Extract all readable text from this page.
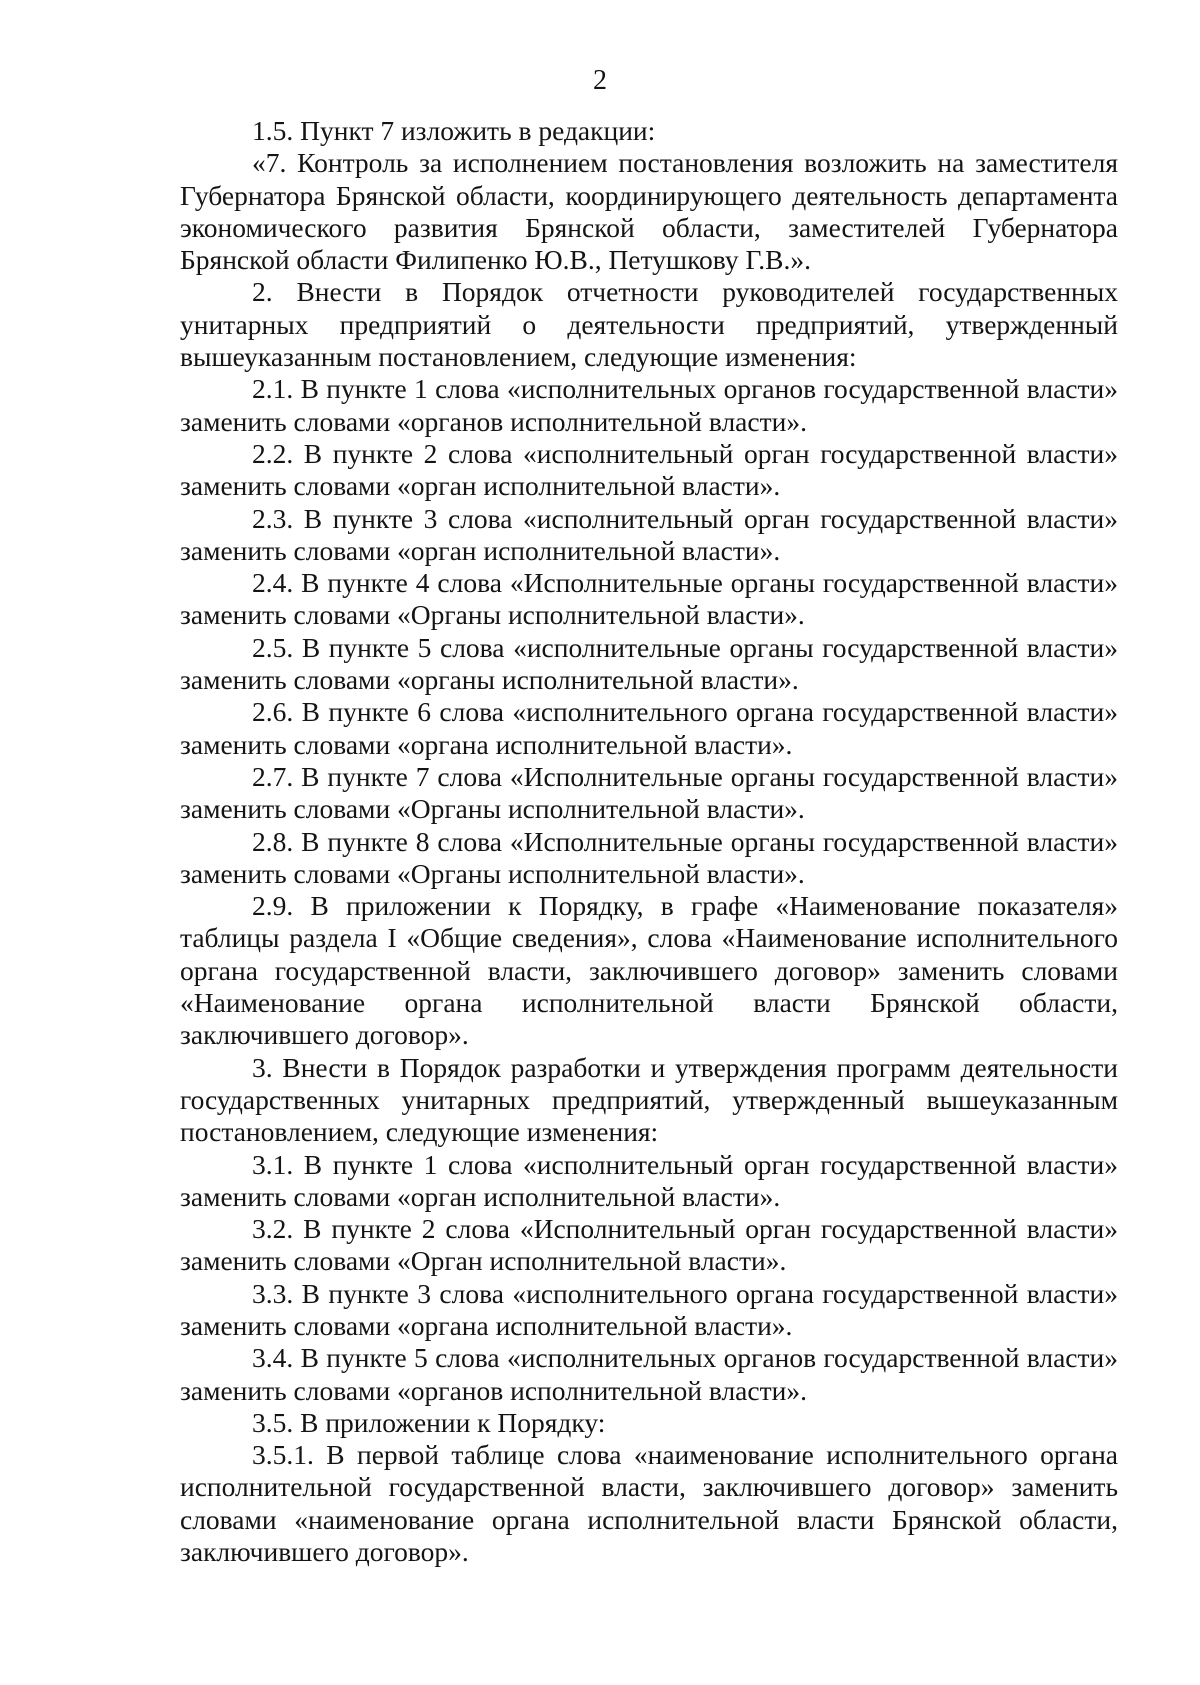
2

1.5. Пункт 7 изложить в редакции:

«7. Контроль за исполнением постановления возложить на заместителя Губернатора Брянской области, координирующего деятельность департамента экономического развития Брянской области, заместителей Губернатора Брянской области Филипенко Ю.В., Петушкову Г.В.».

2. Внести в Порядок отчетности руководителей государственных унитарных предприятий о деятельности предприятий, утвержденный вышеуказанным постановлением, следующие изменения:

2.1. В пункте 1 слова «исполнительных органов государственной власти» заменить словами «органов исполнительной власти».

2.2. В пункте 2 слова «исполнительный орган государственной власти» заменить словами «орган исполнительной власти».

2.3. В пункте 3 слова «исполнительный орган государственной власти» заменить словами «орган исполнительной власти».

2.4. В пункте 4 слова «Исполнительные органы государственной власти» заменить словами «Органы исполнительной власти».

2.5. В пункте 5 слова «исполнительные органы государственной власти» заменить словами «органы исполнительной власти».

2.6. В пункте 6 слова «исполнительного органа государственной власти» заменить словами «органа исполнительной власти».

2.7. В пункте 7 слова «Исполнительные органы государственной власти» заменить словами «Органы исполнительной власти».

2.8. В пункте 8 слова «Исполнительные органы государственной власти» заменить словами «Органы исполнительной власти».

2.9. В приложении к Порядку, в графе «Наименование показателя» таблицы раздела I «Общие сведения», слова «Наименование исполнительного органа государственной власти, заключившего договор» заменить словами «Наименование органа исполнительной власти Брянской области, заключившего договор».

3. Внести в Порядок разработки и утверждения программ деятельности государственных унитарных предприятий, утвержденный вышеуказанным постановлением, следующие изменения:

3.1. В пункте 1 слова «исполнительный орган государственной власти» заменить словами «орган исполнительной власти».

3.2. В пункте 2 слова «Исполнительный орган государственной власти» заменить словами «Орган исполнительной власти».

3.3. В пункте 3 слова «исполнительного органа государственной власти» заменить словами «органа исполнительной власти».

3.4. В пункте 5 слова «исполнительных органов государственной власти» заменить словами «органов исполнительной власти».

3.5. В приложении к Порядку:

3.5.1. В первой таблице слова «наименование исполнительного органа исполнительной государственной власти, заключившего договор» заменить словами «наименование органа исполнительной власти Брянской области, заключившего договор».
